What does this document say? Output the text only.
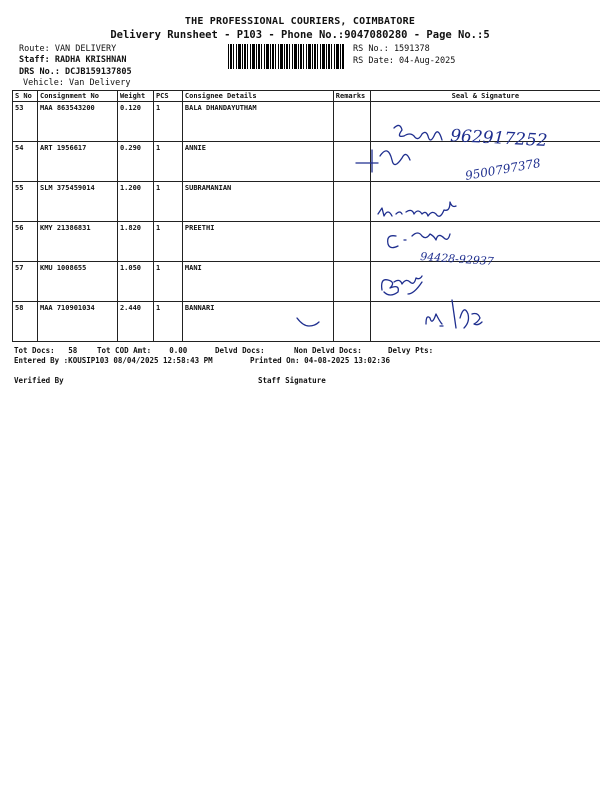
THE PROFESSIONAL COURIERS, COIMBATORE
Delivery Runsheet - P103 - Phone No.:9047080280 - Page No.:5
Route: VAN DELIVERY
Staff: RADHA KRISHNAN
DRS No.: DCJB159137805
Vehicle: Van Delivery
RS No.: 1591378
RS Date: 04-Aug-2025
S No	Consignment No	Weight	PCS	Consignee Details	Remarks	Seal & Signature
53	MAA 863543200	0.120	1	BALA DHANDAYUTHAM		
54	ART 1956617	0.290	1	ANNIE		
55	SLM 375459014	1.200	1	SUBRAMANIAN		
56	KMY 21386831	1.820	1	PREETHI		
57	KMU 1008655	1.050	1	MANI		
58	MAA 710901034	2.440	1	BANNARI		
962917252
9500797378
94428-92937
Tot Docs: 58	Tot COD Amt: 0.00	Delvd Docs:	Non Delvd Docs:	Delvy Pts:
Entered By :KOUSIP103 08/04/2025 12:58:43 PM	Printed On: 04-08-2025 13:02:36
Verified By	Staff Signature
